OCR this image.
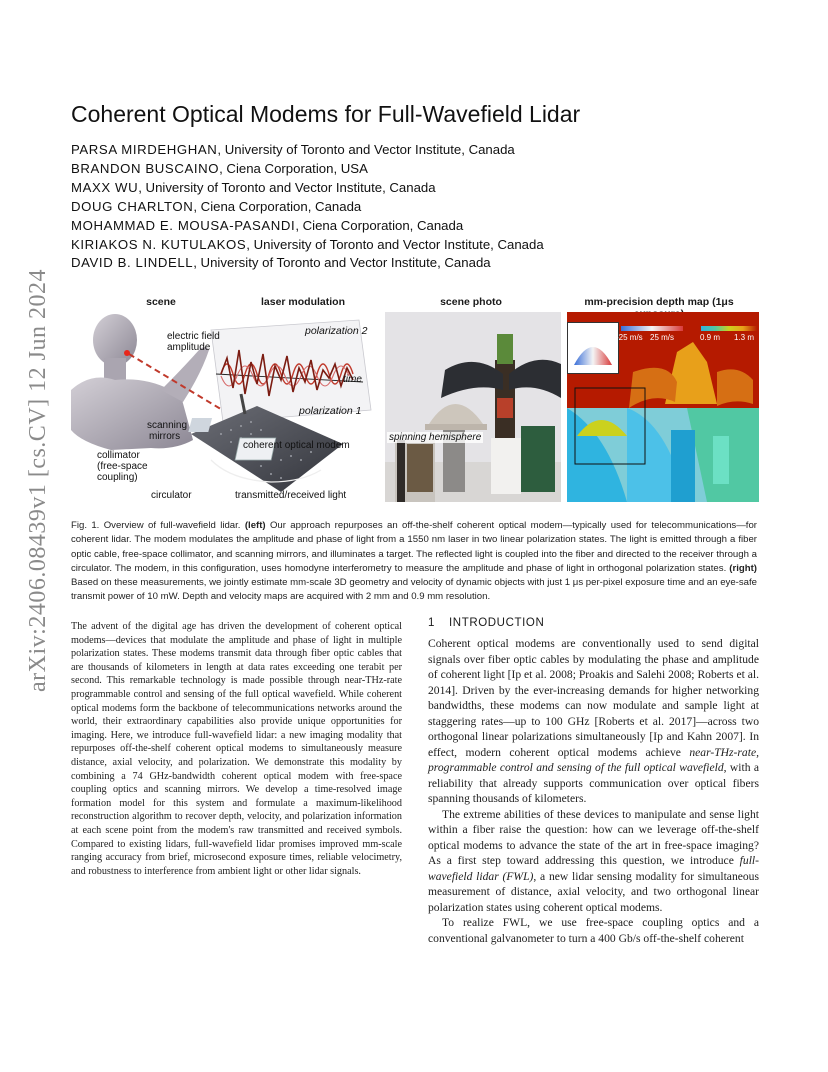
arXiv:2406.08439v1 [cs.CV] 12 Jun 2024
Coherent Optical Modems for Full-Wavefield Lidar
PARSA MIRDEHGHAN, University of Toronto and Vector Institute, Canada
BRANDON BUSCAINO, Ciena Corporation, USA
MAXX WU, University of Toronto and Vector Institute, Canada
DOUG CHARLTON, Ciena Corporation, Canada
MOHAMMAD E. MOUSA-PASANDI, Ciena Corporation, Canada
KIRIAKOS N. KUTULAKOS, University of Toronto and Vector Institute, Canada
DAVID B. LINDELL, University of Toronto and Vector Institute, Canada
scene	laser modulation	scene photo	mm-precision depth map (1μs
electric field
amplitude
polarization 2
time
polarization 1
scanning
mirrors
coherent optical modem
collimator
(free-space
coupling)
circulator	transmitted/received light
spinning hemisphere
-25 m/s 25 m/s	0.9 m 1.3 m

Fig. 1. Overview of full-wavefield lidar. (left) Our approach repurposes an off-the-shelf coherent optical modem—typically used for telecommunications—for coherent lidar. The modem modulates the amplitude and phase of light from a 1550 nm laser in two linear polarization states. The light is emitted through a fiber optic cable, free-space collimator, and scanning mirrors, and illuminates a target. The reflected light is coupled into the fiber and directed to the receiver through a circulator. The modem, in this configuration, uses homodyne interferometry to measure the amplitude and phase of light in orthogonal polarization states. (right) Based on these measurements, we jointly estimate mm-scale 3D geometry and velocity of dynamic objects with just 1 μs per-pixel exposure time and an eye-safe transmit power of 10 mW. Depth and velocity maps are acquired with 2 mm and 0.9 mm resolution.

The advent of the digital age has driven the development of coherent optical modems—devices that modulate the amplitude and phase of light in multiple polarization states. These modems transmit data through fiber optic cables that are thousands of kilometers in length at data rates exceeding one terabit per second. This remarkable technology is made possible through near-THz-rate programmable control and sensing of the full optical wavefield. While coherent optical modems form the backbone of telecommunications networks around the world, their extraordinary capabilities also provide unique opportunities for imaging. Here, we introduce full-wavefield lidar: a new imaging modality that repurposes off-the-shelf coherent optical modems to simultaneously measure distance, axial velocity, and polarization. We demonstrate this modality by combining a 74 GHz-bandwidth coherent optical modem with free-space coupling optics and scanning mirrors. We develop a time-resolved image formation model for this system and formulate a maximum-likelihood reconstruction algorithm to recover depth, velocity, and polarization information at each scene point from the modem's raw transmitted and received symbols. Compared to existing lidars, full-wavefield lidar promises improved mm-scale ranging accuracy from brief, microsecond exposure times, reliable velocimetry, and robustness to interference from ambient light or other lidar signals.

1 INTRODUCTION

Coherent optical modems are conventionally used to send digital signals over fiber optic cables by modulating the phase and amplitude of coherent light [Ip et al. 2008; Proakis and Salehi 2008; Roberts et al. 2014]. Driven by the ever-increasing demands for higher networking bandwidths, these modems can now modulate and sample light at staggering rates—up to 100 GHz [Roberts et al. 2017]—across two orthogonal linear polarizations simultaneously [Ip and Kahn 2007]. In effect, modern coherent optical modems achieve near-THz-rate, programmable control and sensing of the full optical wavefield, with a reliability that already supports communication over optical fibers spanning thousands of kilometers.

The extreme abilities of these devices to manipulate and sense light within a fiber raise the question: how can we leverage off-the-shelf optical modems to advance the state of the art in free-space imaging? As a first step toward addressing this question, we introduce full-wavefield lidar (FWL), a new lidar sensing modality for simultaneous measurement of distance, axial velocity, and two orthogonal linear polarization states using coherent optical modems.

To realize FWL, we use free-space coupling optics and a conventional galvanometer to turn a 400 Gb/s off-the-shelf coherent
